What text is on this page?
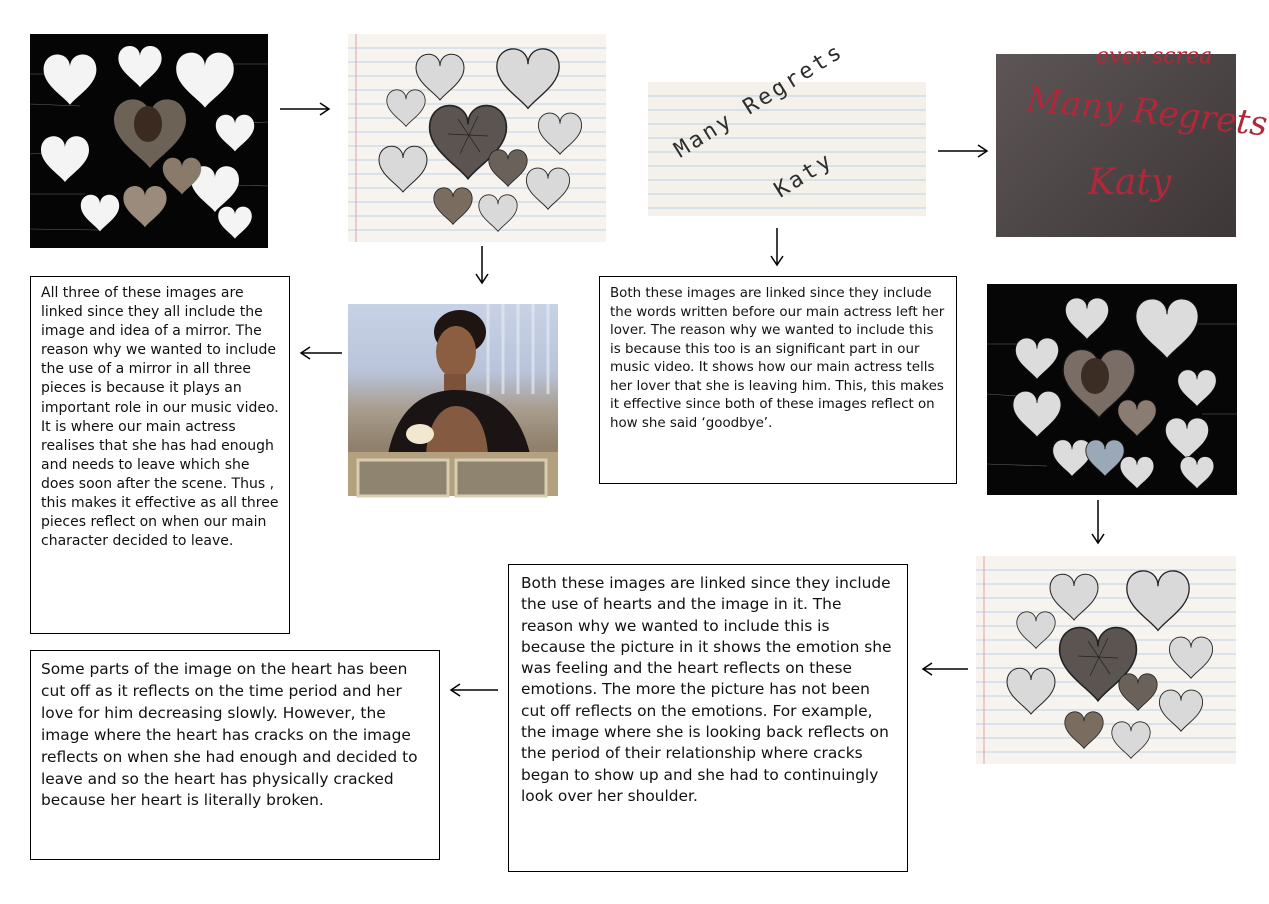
Many Regrets
Katy
ever scrеа
Many Regrets
Katy

All three of these images are linked since they all include the image and idea of a mirror. The reason why we wanted to include the use of a mirror in all three pieces is because it plays an important role in our music video. It is where our main actress realises that she has had enough and needs to leave which she does soon after the scene. Thus , this makes it effective as all three pieces reflect on when our main character decided to leave.

Both these images are linked since they include the words written before our main actress left her lover. The reason why we wanted to include this is because this too is an significant part in our music video. It shows how our main actress tells her lover that she is leaving him. This, this makes it effective since both of these images reflect on how she said ‘goodbye’.

Both these images are linked since they include the use of hearts and the image in it. The reason why we wanted to include this is because the picture in it shows the emotion she was feeling and the heart reflects on these emotions. The more the picture has not been cut off reflects on the emotions. For example, the image where she is looking back reflects on the period of their relationship where cracks began to show up and she had to continuingly look over her shoulder.

Some parts of the image on the heart has been cut off as it reflects on the time period and her love for him decreasing slowly. However, the image where the heart has cracks on the image reflects on when she had enough and decided to leave and so the heart has physically cracked because her heart is literally broken.
